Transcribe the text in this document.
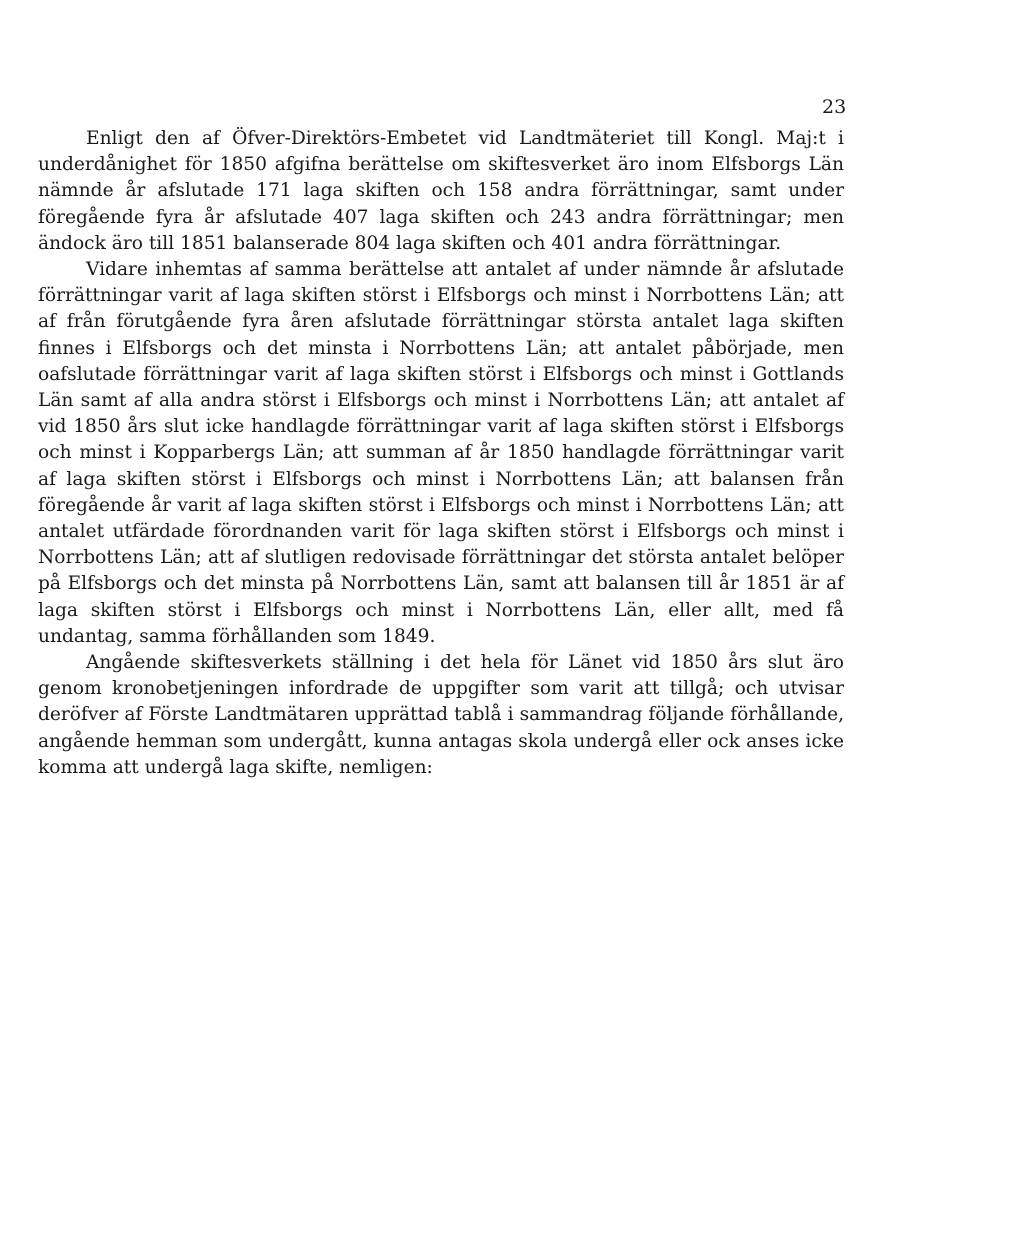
23

Enligt den af Öfver-Direktörs-Embetet vid Landtmäteriet till Kongl. Maj:t i underdånighet för 1850 afgifna berättelse om skiftesverket äro inom Elfsborgs Län nämnde år afslutade 171 laga skiften och 158 andra förrättningar, samt under föregående fyra år afslutade 407 laga skiften och 243 andra förrättningar; men ändock äro till 1851 balanserade 804 laga skiften och 401 andra förrättningar.

Vidare inhemtas af samma berättelse att antalet af under nämnde år afslutade förrättningar varit af laga skiften störst i Elfsborgs och minst i Norrbottens Län; att af från förutgående fyra åren afslutade förrättningar största antalet laga skiften finnes i Elfsborgs och det minsta i Norrbottens Län; att antalet påbörjade, men oafslutade förrättningar varit af laga skiften störst i Elfsborgs och minst i Gottlands Län samt af alla andra störst i Elfsborgs och minst i Norrbottens Län; att antalet af vid 1850 års slut icke handlagde förrättningar varit af laga skiften störst i Elfsborgs och minst i Kopparbergs Län; att summan af år 1850 handlagde förrättningar varit af laga skiften störst i Elfsborgs och minst i Norrbottens Län; att balansen från föregående år varit af laga skiften störst i Elfsborgs och minst i Norrbottens Län; att antalet utfärdade förordnanden varit för laga skiften störst i Elfsborgs och minst i Norrbottens Län; att af slutligen redovisade förrättningar det största antalet belöper på Elfsborgs och det minsta på Norrbottens Län, samt att balansen till år 1851 är af laga skiften störst i Elfsborgs och minst i Norrbottens Län, eller allt, med få undantag, samma förhållanden som 1849.

Angående skiftesverkets ställning i det hela för Länet vid 1850 års slut äro genom kronobetjeningen infordrade de uppgifter som varit att tillgå; och utvisar deröfver af Förste Landtmätaren upprättad tablå i sammandrag följande förhållande, angående hemman som undergått, kunna antagas skola undergå eller ock anses icke komma att undergå laga skifte, nemligen:
